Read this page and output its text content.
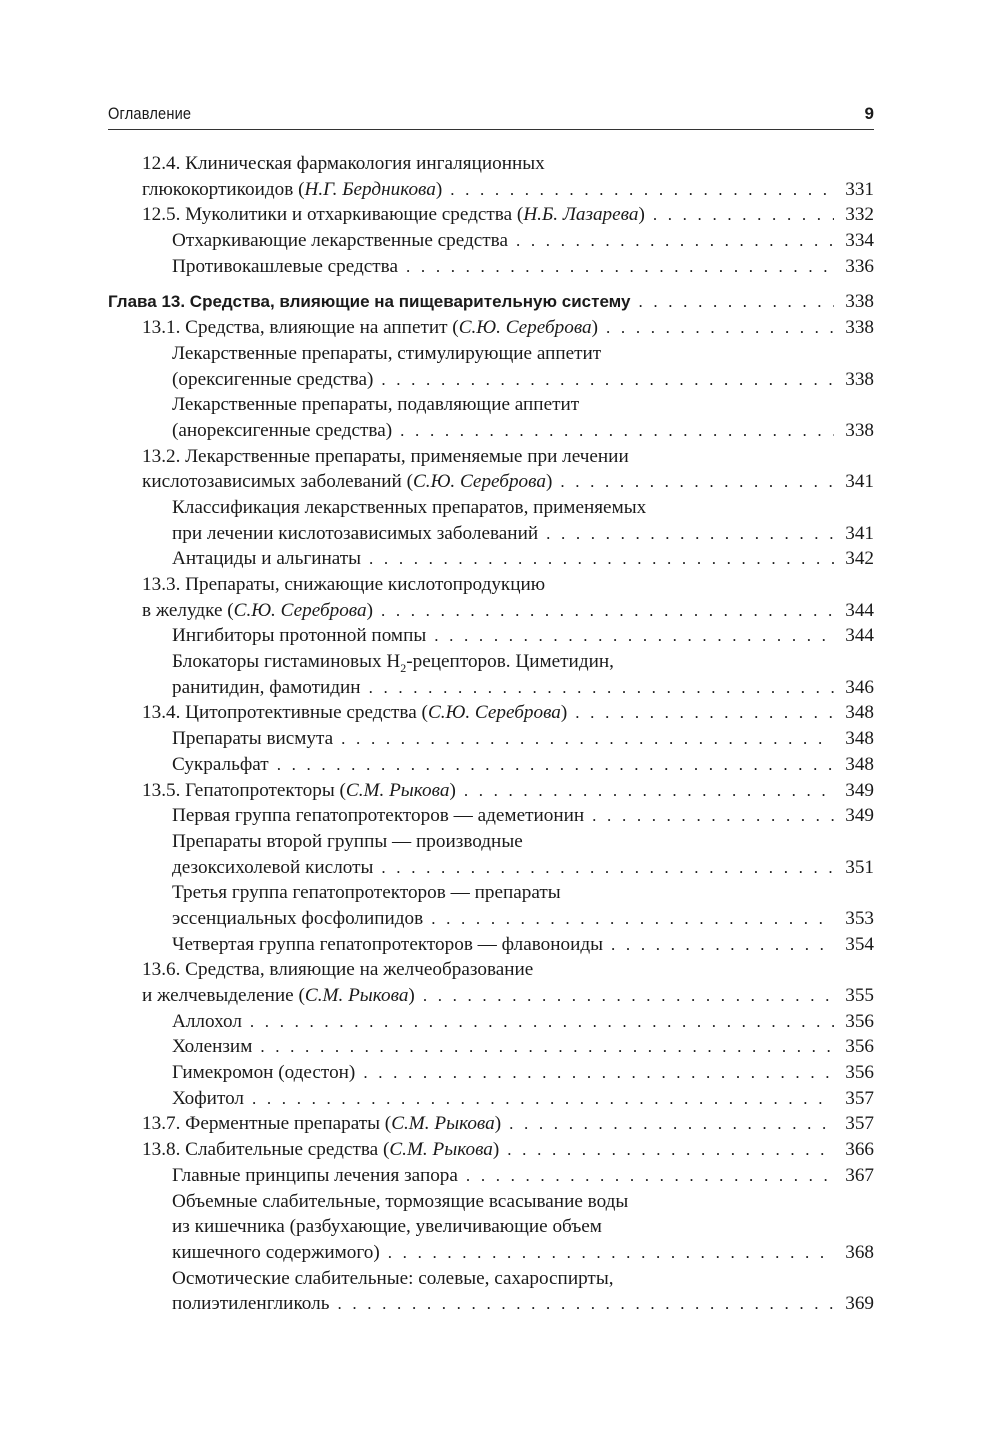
Оглавление	9
12.4. Клиническая фармакология ингаляционных
глюкокортикоидов (Н.Г. Бердникова) . . .	331
12.5. Муколитики и отхаркивающие средства (Н.Б. Лазарева) . . .	332
Отхаркивающие лекарственные средства . . .	334
Противокашлевые средства . . .	336
Глава 13. Средства, влияющие на пищеварительную систему . . .	338
13.1. Средства, влияющие на аппетит (С.Ю. Сереброва) . . .	338
Лекарственные препараты, стимулирующие аппетит
(орексигенные средства) . . .	338
Лекарственные препараты, подавляющие аппетит
(анорексигенные средства) . . .	338
13.2. Лекарственные препараты, применяемые при лечении
кислотозависимых заболеваний (С.Ю. Сереброва) . . .	341
Классификация лекарственных препаратов, применяемых
при лечении кислотозависимых заболеваний . . .	341
Антациды и альгинаты . . .	342
13.3. Препараты, снижающие кислотопродукцию
в желудке (С.Ю. Сереброва) . . .	344
Ингибиторы протонной помпы . . .	344
Блокаторы гистаминовых $Н_2$-рецепторов. Циметидин,
ранитидин, фамотидин . . .	346
13.4. Цитопротективные средства (С.Ю. Сереброва) . . .	348
Препараты висмута . . .	348
Сукральфат . . .	348
13.5. Гепатопротекторы (С.М. Рыкова) . . .	349
Первая группа гепатопротекторов — адеметионин . . .	349
Препараты второй группы — производные
дезоксихолевой кислоты . . .	351
Третья группа гепатопротекторов — препараты
эссенциальных фосфолипидов . . .	353
Четвертая группа гепатопротекторов — флавоноиды . . .	354
13.6. Средства, влияющие на желчеобразование
и желчевыделение (С.М. Рыкова) . . .	355
Аллохол . . .	356
Холензим . . .	356
Гимекромон (одестон) . . .	356
Хофитол . . .	357
13.7. Ферментные препараты (С.М. Рыкова) . . .	357
13.8. Слабительные средства (С.М. Рыкова) . . .	366
Главные принципы лечения запора . . .	367
Объемные слабительные, тормозящие всасывание воды
из кишечника (разбухающие, увеличивающие объем
кишечного содержимого) . . .	368
Осмотические слабительные: солевые, сахароспирты,
полиэтиленгликоль . . .	369
